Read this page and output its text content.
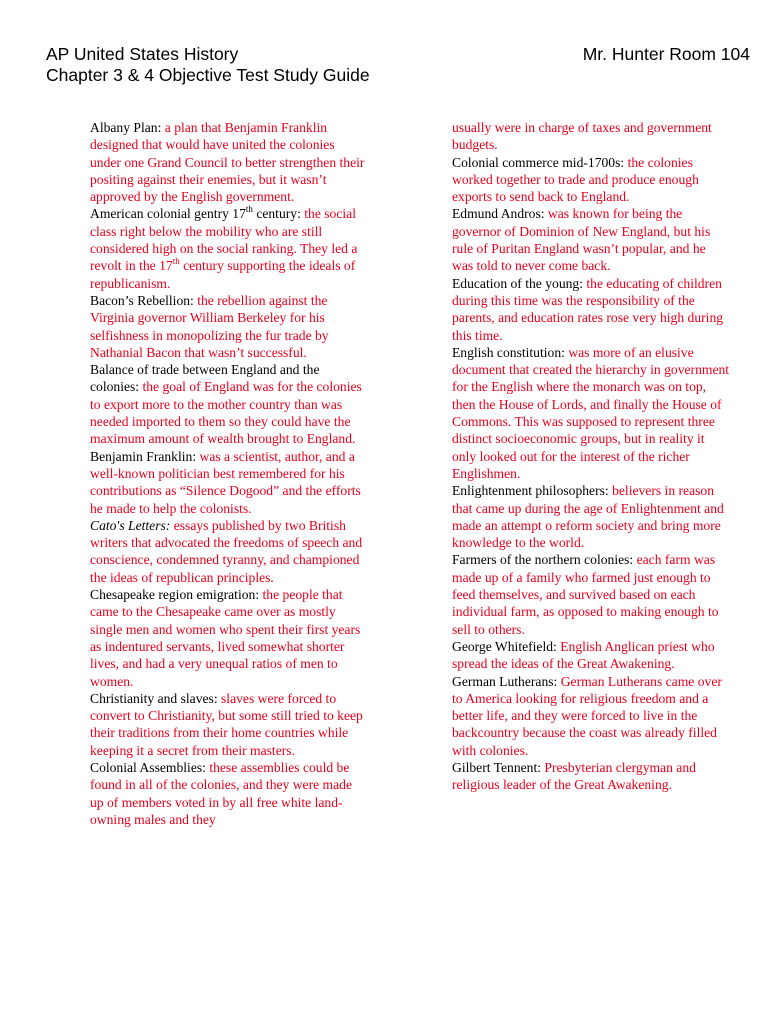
AP United States History	Mr. Hunter Room 104
Chapter 3 & 4 Objective Test Study Guide

Albany Plan: a plan that Benjamin Franklin designed that would have united the colonies under one Grand Council to better strengthen their positing against their enemies, but it wasn’t approved by the English government.

American colonial gentry 17th century: the social class right below the mobility who are still considered high on the social ranking. They led a revolt in the 17th century supporting the ideals of republicanism.

Bacon’s Rebellion: the rebellion against the Virginia governor William Berkeley for his selfishness in monopolizing the fur trade by Nathanial Bacon that wasn’t successful.

Balance of trade between England and the colonies: the goal of England was for the colonies to export more to the mother country than was needed imported to them so they could have the maximum amount of wealth brought to England.

Benjamin Franklin: was a scientist, author, and a well-known politician best remembered for his contributions as “Silence Dogood” and the efforts he made to help the colonists.

Cato's Letters: essays published by two British writers that advocated the freedoms of speech and conscience, condemned tyranny, and championed the ideas of republican principles.

Chesapeake region emigration: the people that came to the Chesapeake came over as mostly single men and women who spent their first years as indentured servants, lived somewhat shorter lives, and had a very unequal ratios of men to women.

Christianity and slaves: slaves were forced to convert to Christianity, but some still tried to keep their traditions from their home countries while keeping it a secret from their masters.

Colonial Assemblies: these assemblies could be found in all of the colonies, and they were made up of members voted in by all free white land-owning males and they

usually were in charge of taxes and government budgets.

Colonial commerce mid-1700s: the colonies worked together to trade and produce enough exports to send back to England.

Edmund Andros: was known for being the governor of Dominion of New England, but his rule of Puritan England wasn’t popular, and he was told to never come back.

Education of the young: the educating of children during this time was the responsibility of the parents, and education rates rose very high during this time.

English constitution: was more of an elusive document that created the hierarchy in government for the English where the monarch was on top, then the House of Lords, and finally the House of Commons. This was supposed to represent three distinct socioeconomic groups, but in reality it only looked out for the interest of the richer Englishmen.

Enlightenment philosophers: believers in reason that came up during the age of Enlightenment and made an attempt o reform society and bring more knowledge to the world.

Farmers of the northern colonies: each farm was made up of a family who farmed just enough to feed themselves, and survived based on each individual farm, as opposed to making enough to sell to others.

George Whitefield: English Anglican priest who spread the ideas of the Great Awakening.

German Lutherans: German Lutherans came over to America looking for religious freedom and a better life, and they were forced to live in the backcountry because the coast was already filled with colonies.

Gilbert Tennent: Presbyterian clergyman and religious leader of the Great Awakening.
